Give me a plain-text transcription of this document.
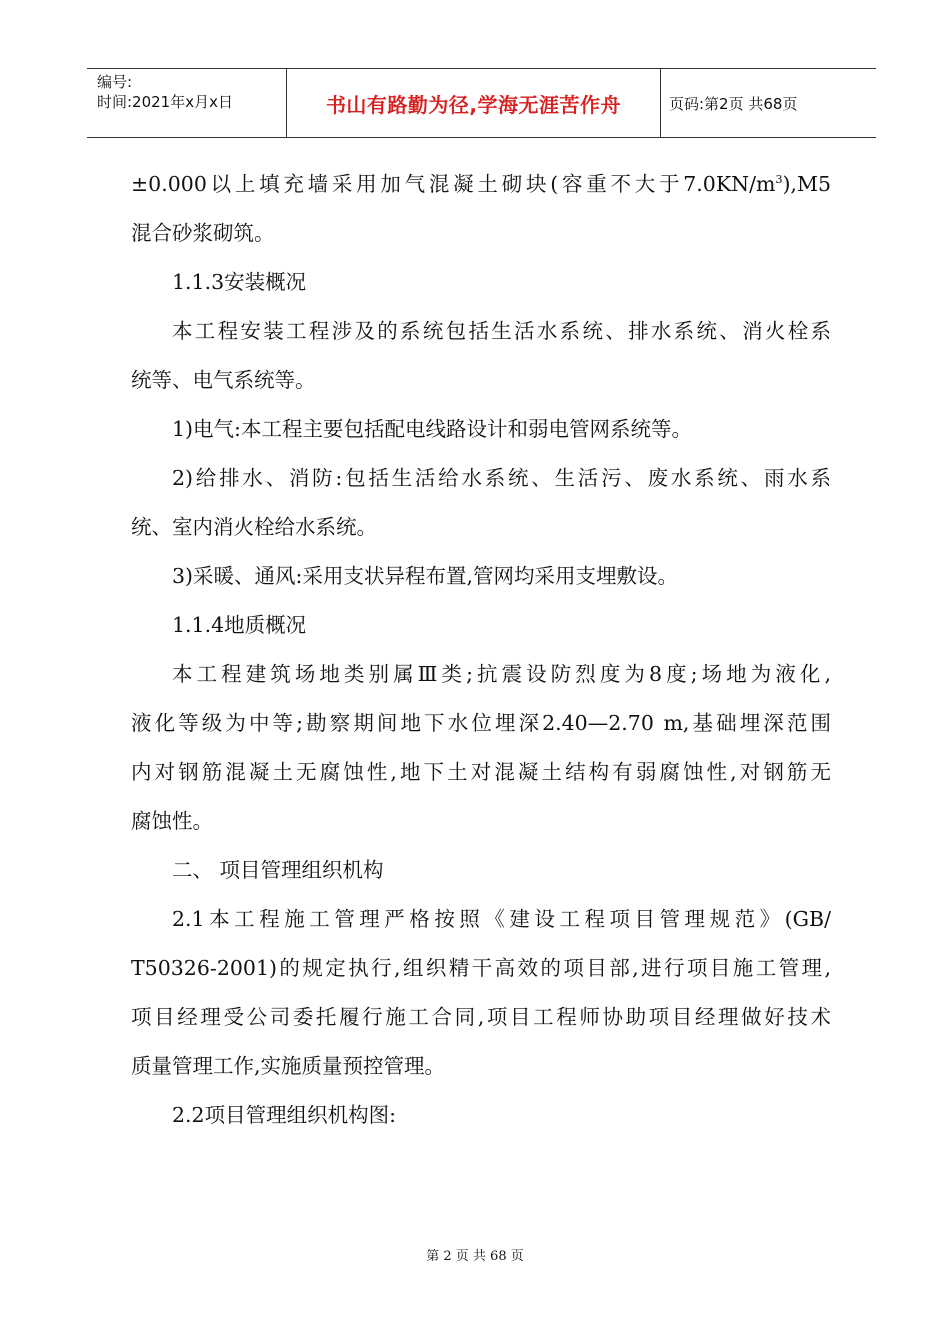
编号:
时间:2021年x月x日	书山有路勤为径,学海无涯苦作舟	页码:第2页 共68页
±0.000以上填充墙采用加气混凝土砌块(容重不大于$7.0KN/m^3),M5$
混合砂浆砌筑。
1.1.3安装概况
本工程安装工程涉及的系统包括生活水系统、排水系统、消火栓系
统等、电气系统等。
1)电气:本工程主要包括配电线路设计和弱电管网系统等。
2)给排水、消防:包括生活给水系统、生活污、废水系统、雨水系
统、室内消火栓给水系统。
3)采暖、通风:采用支状异程布置,管网均采用支埋敷设。
1.1.4地质概况
本工程建筑场地类别属Ⅲ类;抗震设防烈度为8度;场地为液化,
液化等级为中等;勘察期间地下水位埋深2.40—2.70 m,基础埋深范围
内对钢筋混凝土无腐蚀性,地下土对混凝土结构有弱腐蚀性,对钢筋无
腐蚀性。
二、 项目管理组织机构
2.1本工程施工管理严格按照《建设工程项目管理规范》(GB/
T50326-2001)的规定执行,组织精干高效的项目部,进行项目施工管理,
项目经理受公司委托履行施工合同,项目工程师协助项目经理做好技术
质量管理工作,实施质量预控管理。
2.2项目管理组织机构图:
第 2 页 共 68 页
